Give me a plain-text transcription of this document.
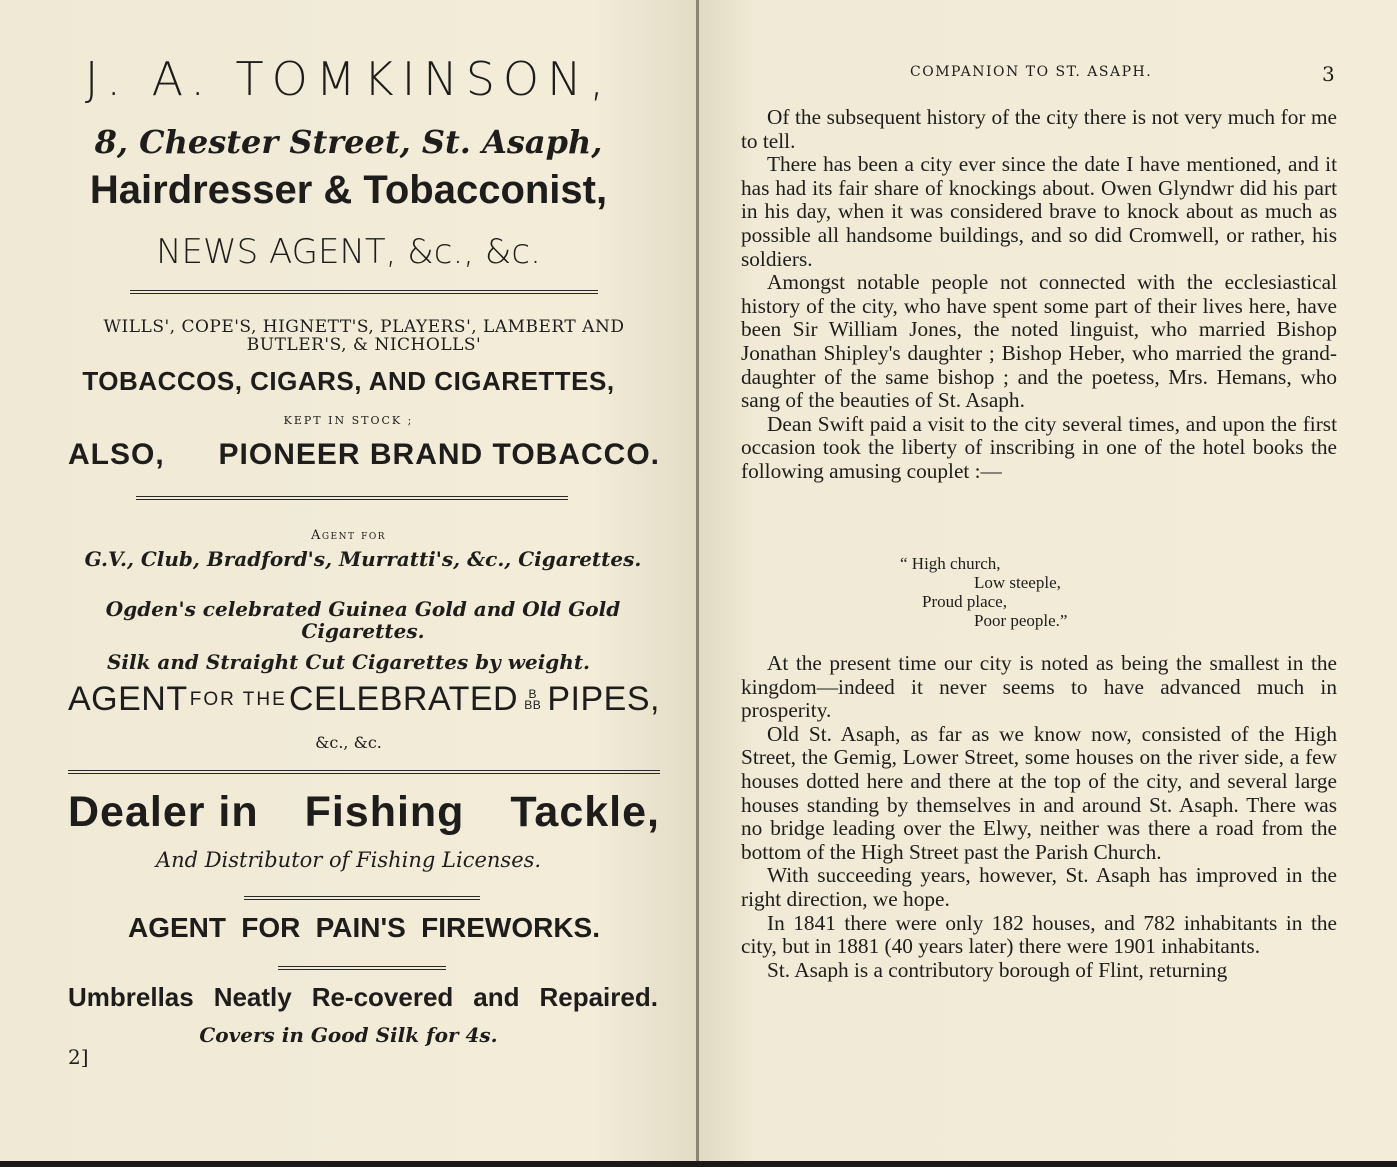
J. A. TOMKINSON,
8, Chester Street, St. Asaph,
Hairdresser & Tobacconist,
NEWS AGENT, &c., &c.
WILLS', COPE'S, HIGNETT'S, PLAYERS', LAMBERT AND BUTLER'S, & NICHOLLS'
TOBACCOS, CIGARS, AND CIGARETTES,
KEPT IN STOCK ;
ALSO, PIONEER BRAND TOBACCO.
Agent for
G.V., Club, Bradford's, Murratti's, &c., Cigarettes.
Ogden's celebrated Guinea Gold and Old Gold Cigarettes.
Silk and Straight Cut Cigarettes by weight.
AGENT FOR THE CELEBRATED B
BB PIPES,
&c., &c.
Dealer in Fishing Tackle,
And Distributor of Fishing Licenses.
AGENT FOR PAIN'S FIREWORKS.
Umbrellas Neatly Re-covered and Repaired.
Covers in Good Silk for 4s.
2]
COMPANION TO ST. ASAPH.	3

Of the subsequent history of the city there is not very much for me to tell.

There has been a city ever since the date I have mentioned, and it has had its fair share of knockings about. Owen Glyndwr did his part in his day, when it was considered brave to knock about as much as possible all handsome buildings, and so did Cromwell, or rather, his soldiers.

Amongst notable people not connected with the ecclesiastical history of the city, who have spent some part of their lives here, have been Sir William Jones, the noted linguist, who married Bishop Jonathan Shipley's daughter ; Bishop Heber, who married the grand-daughter of the same bishop ; and the poetess, Mrs. Hemans, who sang of the beauties of St. Asaph.

Dean Swift paid a visit to the city several times, and upon the first occasion took the liberty of inscribing in one of the hotel books the following amusing couplet :—

“ High church,
Low steeple,
Proud place,
Poor people.”

At the present time our city is noted as being the smallest in the kingdom—indeed it never seems to have advanced much in prosperity.

Old St. Asaph, as far as we know now, consisted of the High Street, the Gemig, Lower Street, some houses on the river side, a few houses dotted here and there at the top of the city, and several large houses standing by themselves in and around St. Asaph. There was no bridge leading over the Elwy, neither was there a road from the bottom of the High Street past the Parish Church.

With succeeding years, however, St. Asaph has improved in the right direction, we hope.

In 1841 there were only 182 houses, and 782 inhabitants in the city, but in 1881 (40 years later) there were 1901 inhabitants.

St. Asaph is a contributory borough of Flint, returning
